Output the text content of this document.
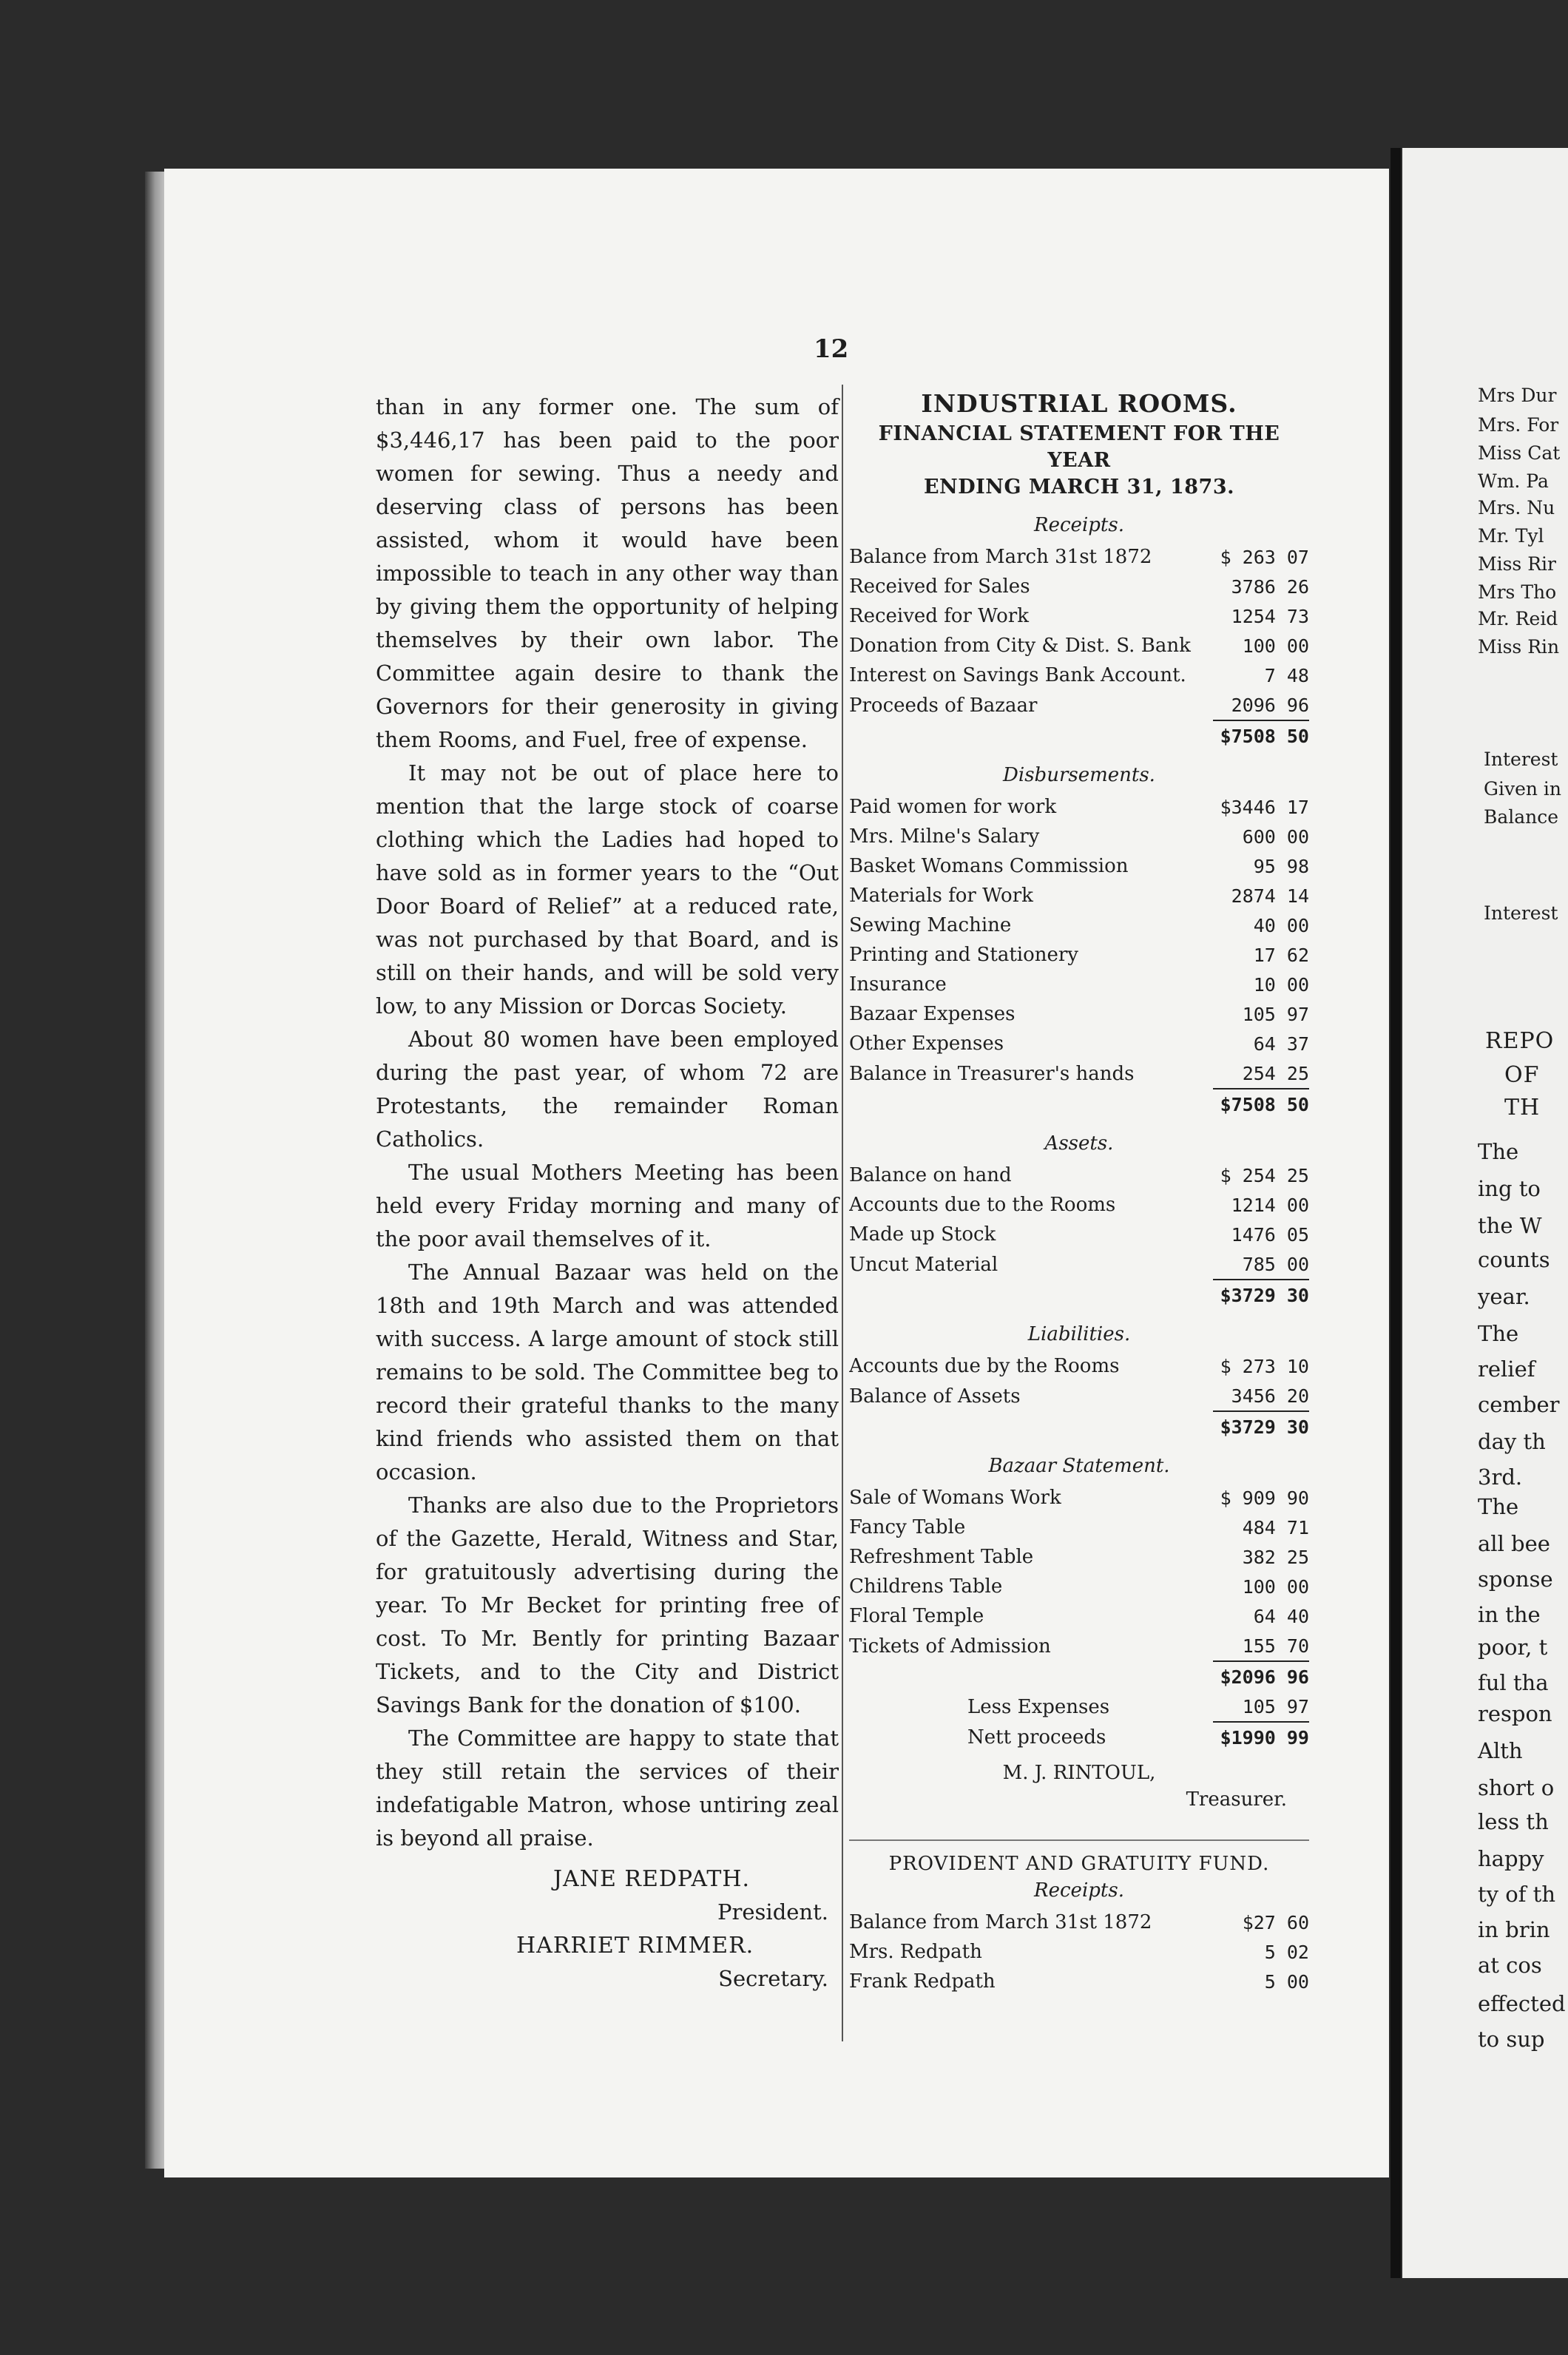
Mrs Dur
Mrs. For
Miss Cat
Wm. Pa
Mrs. Nu
Mr. Tyl
Miss Rir
Mrs Tho
Mr. Reid
Miss Rin
Interest
Given in
Balance
Interest
REPO
OF
TH
The
ing to
the W
counts
year.
The
relief
cember
day th
3rd.
The
all bee
sponse
in the
poor, t
ful tha
respon
Alth
short o
less th
happy
ty of th
in brin
at cos
effected
to sup
12

than in any former one. The sum of $3,446,17 has been paid to the poor women for sewing. Thus a needy and deserving class of persons has been assisted, whom it would have been impossible to teach in any other way than by giving them the opportunity of helping themselves by their own labor. The Committee again desire to thank the Governors for their generosity in giving them Rooms, and Fuel, free of expense.

It may not be out of place here to mention that the large stock of coarse clothing which the Ladies had hoped to have sold as in former years to the “Out Door Board of Relief” at a reduced rate, was not purchased by that Board, and is still on their hands, and will be sold very low, to any Mission or Dorcas Society.

About 80 women have been employed during the past year, of whom 72 are Protestants, the remainder Roman Catholics.

The usual Mothers Meeting has been held every Friday morning and many of the poor avail themselves of it.

The Annual Bazaar was held on the 18th and 19th March and was attended with success. A large amount of stock still remains to be sold. The Committee beg to record their grateful thanks to the many kind friends who assisted them on that occasion.

Thanks are also due to the Proprietors of the Gazette, Herald, Witness and Star, for gratuitously advertising during the year. To Mr Becket for printing free of cost. To Mr. Bently for printing Bazaar Tickets, and to the City and District Savings Bank for the donation of $100.

The Committee are happy to state that they still retain the services of their indefatigable Matron, whose untiring zeal is beyond all praise.

JANE REDPATH.

President.

HARRIET RIMMER.

Secretary.

INDUSTRIAL ROOMS.
FINANCIAL STATEMENT FOR THE YEAR
ENDING MARCH 31, 1873.
Receipts.
Balance from March 31st 1872	$ 263 07
Received for Sales	3786 26
Received for Work	1254 73
Donation from City & Dist. S. Bank	100 00
Interest on Savings Bank Account.	7 48
Proceeds of Bazaar	2096 96
	$7508 50
Disbursements.
Paid women for work	$3446 17
Mrs. Milne's Salary	600 00
Basket Womans Commission	95 98
Materials for Work	2874 14
Sewing Machine	40 00
Printing and Stationery	17 62
Insurance	10 00
Bazaar Expenses	105 97
Other Expenses	64 37
Balance in Treasurer's hands	254 25
	$7508 50
Assets.
Balance on hand	$ 254 25
Accounts due to the Rooms	1214 00
Made up Stock	1476 05
Uncut Material	785 00
	$3729 30
Liabilities.
Accounts due by the Rooms	$ 273 10
Balance of Assets	3456 20
	$3729 30
Bazaar Statement.
Sale of Womans Work	$ 909 90
Fancy Table	484 71
Refreshment Table	382 25
Childrens Table	100 00
Floral Temple	64 40
Tickets of Admission	155 70
	$2096 96
Less Expenses	105 97
Nett proceeds	$1990 99
M. J. RINTOUL,
Treasurer.
PROVIDENT AND GRATUITY FUND.
Receipts.
Balance from March 31st 1872	$27 60
Mrs. Redpath	5 02
Frank Redpath	5 00
